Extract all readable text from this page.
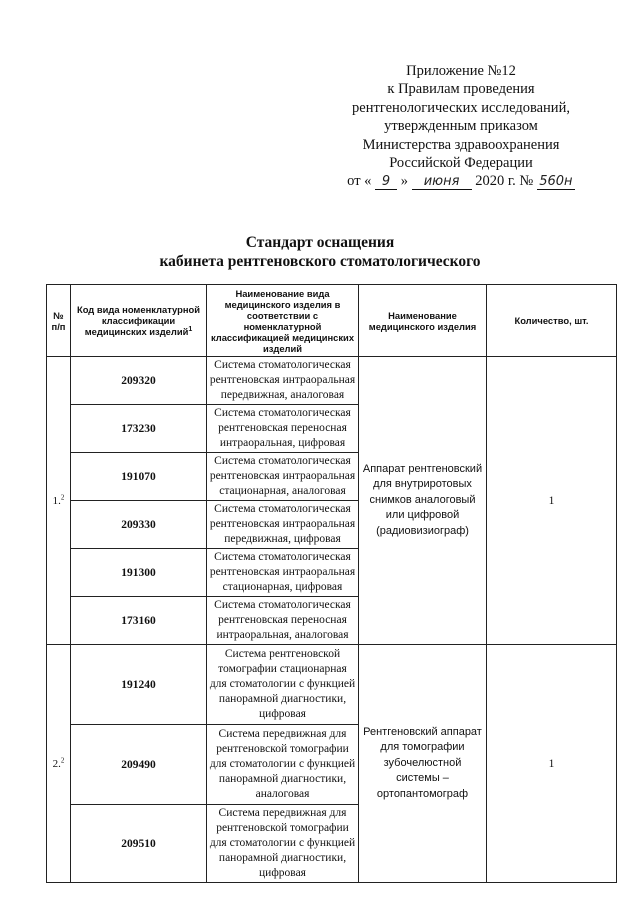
Приложение №12
к Правилам проведения
рентгенологических исследований,
утвержденным приказом
Министерства здравоохранения
Российской Федерации
от « 9 » июня 2020 г. № 560н
Стандарт оснащения
кабинета рентгеновского стоматологического
№ п/п	Код вида номенклатурной классификации медицинских изделий$^1$	Наименование вида медицинского изделия в соответствии с номенклатурной классификацией медицинских изделий	Наименование медицинского изделия	Количество, шт.
1.$^2$	209320	Система стоматологическая рентгеновская интраоральная передвижная, аналоговая	Аппарат рентгеновский для внутриротовых снимков аналоговый или цифровой (радиовизиограф)	1
	173230	Система стоматологическая рентгеновская переносная интраоральная, цифровая		
	191070	Система стоматологическая рентгеновская интраоральная стационарная, аналоговая		
	209330	Система стоматологическая рентгеновская интраоральная передвижная, цифровая		
	191300	Система стоматологическая рентгеновская интраоральная стационарная, цифровая		
	173160	Система стоматологическая рентгеновская переносная интраоральная, аналоговая		
2.$^2$	191240	Система рентгеновской томографии стационарная для стоматологии с функцией панорамной диагностики, цифровая	Рентгеновский аппарат для томографии зубочелюстной системы – ортопантомограф	1
	209490	Система передвижная для рентгеновской томографии для стоматологии с функцией панорамной диагностики, аналоговая		
	209510	Система передвижная для рентгеновской томографии для стоматологии с функцией панорамной диагностики, цифровая		
